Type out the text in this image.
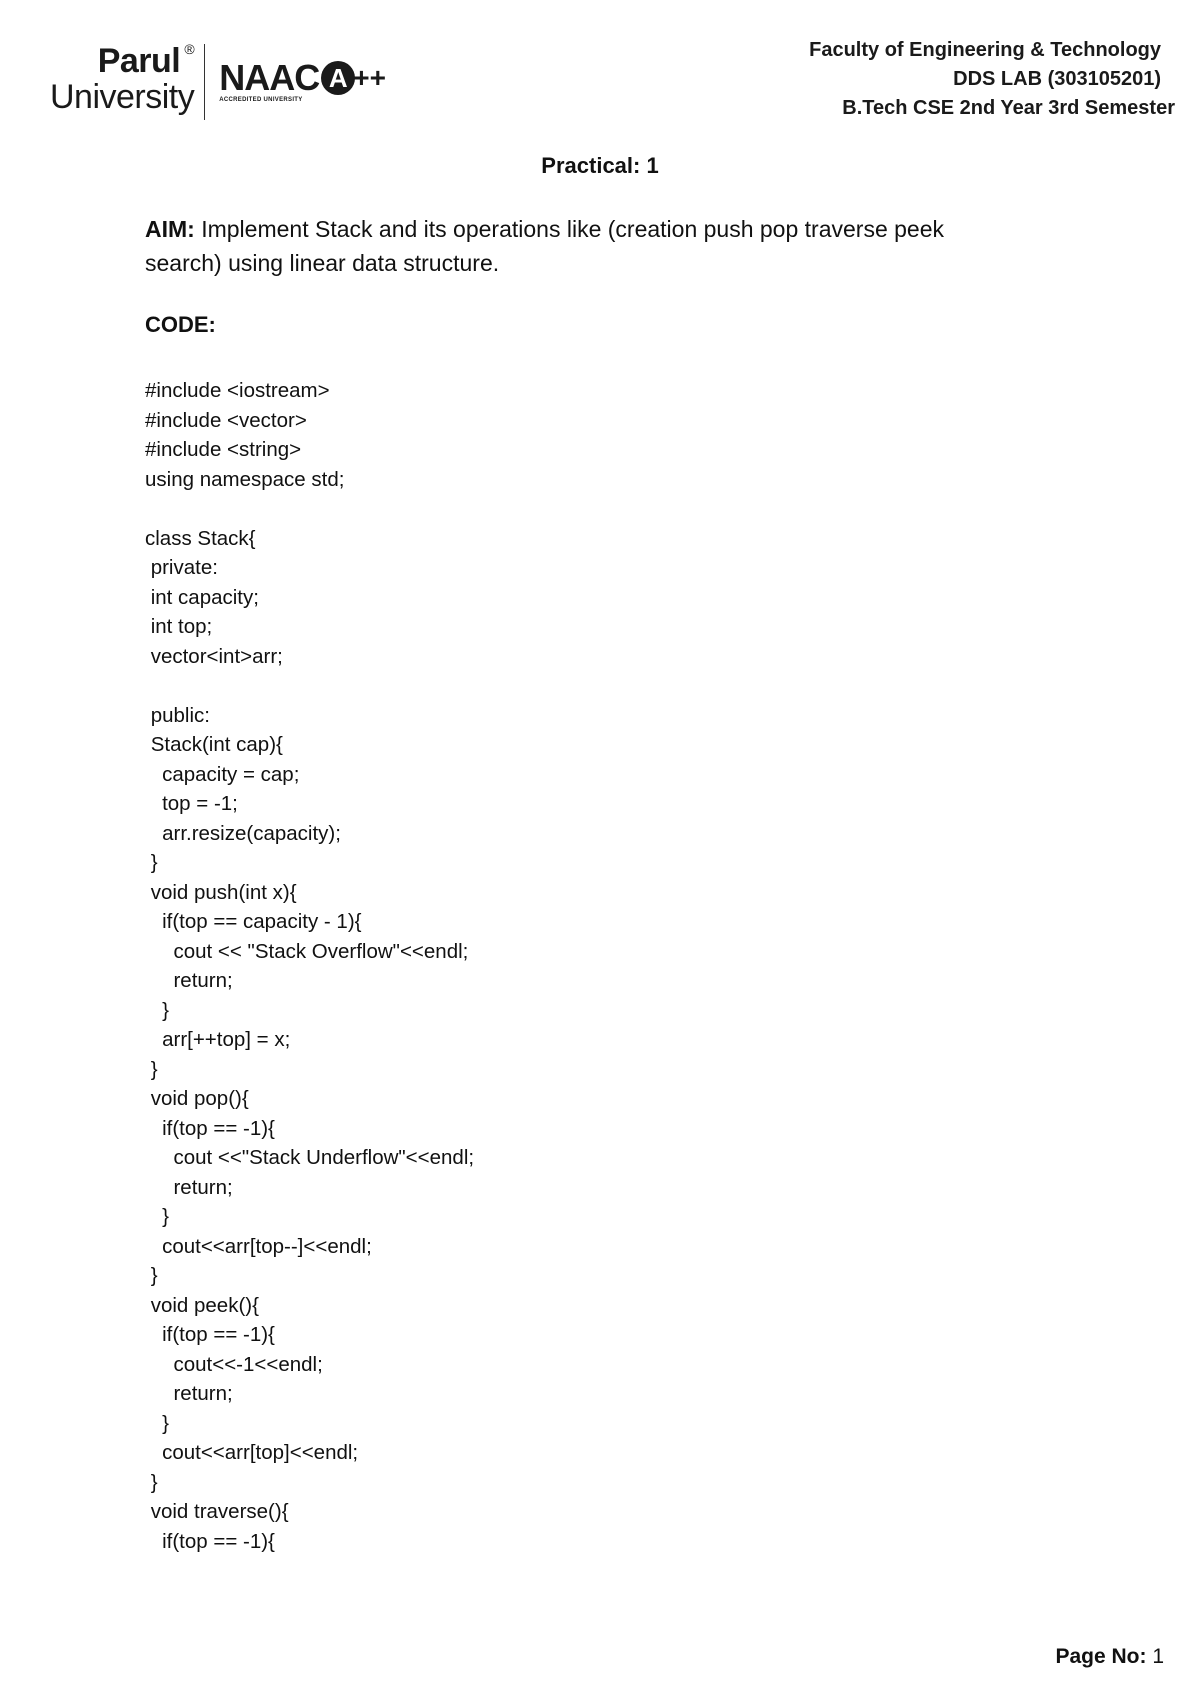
Parul ®
University NAAC A ++
ACCREDITED UNIVERSITY
Faculty of Engineering & Technology
DDS LAB (303105201)
B.Tech CSE 2nd Year 3rd Semester
Practical: 1
AIM: Implement Stack and its operations like (creation push pop traverse peek search) using linear data structure.
CODE:
#include <iostream>
#include <vector>
#include <string>
using namespace std;
class Stack{
private:
int capacity;
int top;
vector<int>arr;
public:
Stack(int cap){
capacity = cap;
top = -1;
arr.resize(capacity);
}
void push(int x){
if(top == capacity - 1){
cout << "Stack Overflow"<<endl;
return;
}
arr[++top] = x;
}
void pop(){
if(top == -1){
cout <<"Stack Underflow"<<endl;
return;
}
cout<<arr[top--]<<endl;
}
void peek(){
if(top == -1){
cout<<-1<<endl;
return;
}
cout<<arr[top]<<endl;
}
void traverse(){
if(top == -1){
Page No: 1
